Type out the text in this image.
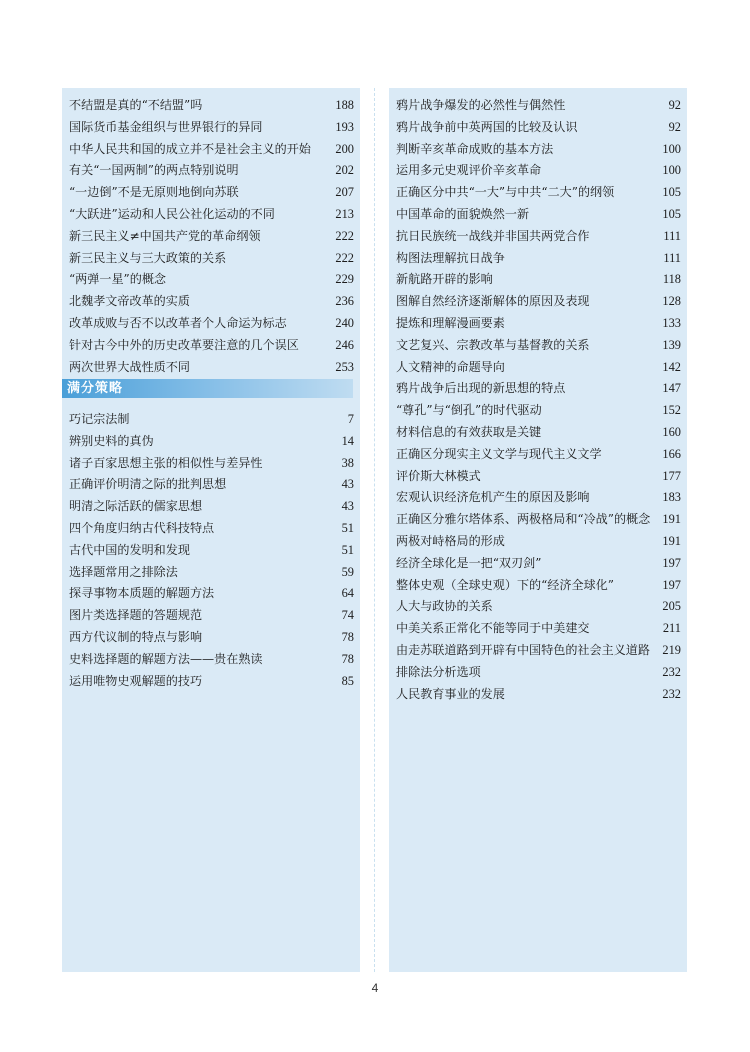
不结盟是真的“不结盟”吗	188
国际货币基金组织与世界银行的异同	193
中华人民共和国的成立并不是社会主义的开始 200
有关“一国两制”的两点特别说明	202
“一边倒”不是无原则地倒向苏联	207
“大跃进”运动和人民公社化运动的不同	213
新三民主义≠中国共产党的革命纲领	222
新三民主义与三大政策的关系	222
“两弹一星”的概念	229
北魏孝文帝改革的实质	236
改革成败与否不以改革者个人命运为标志	240
针对古今中外的历史改革要注意的几个误区	246
两次世界大战性质不同	253
满分策略
巧记宗法制	7
辨别史料的真伪	14
诸子百家思想主张的相似性与差异性	38
正确评价明清之际的批判思想	43
明清之际活跃的儒家思想	43
四个角度归纳古代科技特点	51
古代中国的发明和发现	51
选择题常用之排除法	59
探寻事物本质题的解题方法	64
图片类选择题的答题规范	74
西方代议制的特点与影响	78
史料选择题的解题方法——贵在熟读	78
运用唯物史观解题的技巧	85
鸦片战争爆发的必然性与偶然性	92
鸦片战争前中英两国的比较及认识	92
判断辛亥革命成败的基本方法	100
运用多元史观评价辛亥革命	100
正确区分中共“一大”与中共“二大”的纲领	105
中国革命的面貌焕然一新	105
抗日民族统一战线并非国共两党合作	111
构图法理解抗日战争	111
新航路开辟的影响	118
图解自然经济逐渐解体的原因及表现	128
提炼和理解漫画要素	133
文艺复兴、宗教改革与基督教的关系	139
人文精神的命题导向	142
鸦片战争后出现的新思想的特点	147
“尊孔”与“倒孔”的时代驱动	152
材料信息的有效获取是关键	160
正确区分现实主义文学与现代主义文学	166
评价斯大林模式	177
宏观认识经济危机产生的原因及影响	183
正确区分雅尔塔体系、两极格局和“冷战”的概念 191
两极对峙格局的形成	191
经济全球化是一把“双刃剑”	197
整体史观（全球史观）下的“经济全球化”	197
人大与政协的关系	205
中美关系正常化不能等同于中美建交	211
由走苏联道路到开辟有中国特色的社会主义道路 219
排除法分析选项	232
人民教育事业的发展	232
4
